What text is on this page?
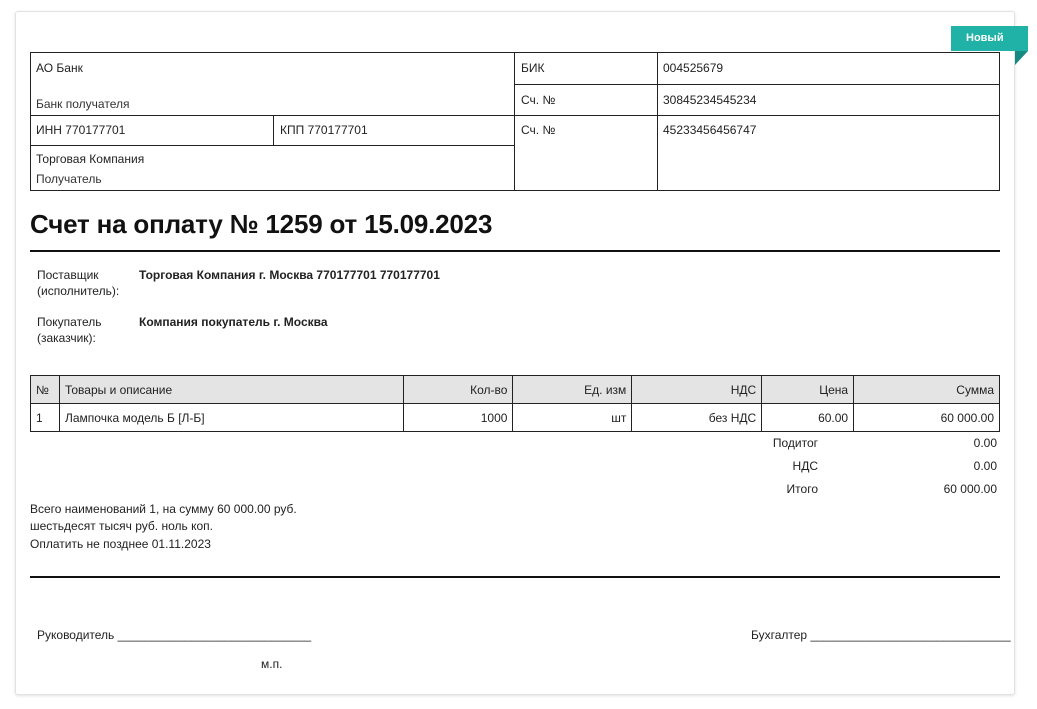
Новый
АО Банк
Банк получателя
БИК	004525679
Сч. №	30845234545234
ИНН 770177701	КПП 770177701	Сч. №	45233456456747
Торговая Компания
Получатель
Счет на оплату № 1259 от 15.09.2023
Поставщик (исполнитель):
Торговая Компания г. Москва 770177701 770177701
Покупатель (заказчик):
Компания покупатель г. Москва
№	Товары и описание	Кол-во	Ед. изм	НДС	Цена	Сумма
1	Лампочка модель Б [Л-Б]	1000	шт	без НДС	60.00	60 000.00
Подитог	0.00
НДС	0.00
Итого	60 000.00
Всего наименований 1, на сумму 60 000.00 руб.
шестьдесят тысяч руб. ноль коп.
Оплатить не позднее 01.11.2023
Руководитель _____________________________	Бухгалтер ______________________________
м.п.
